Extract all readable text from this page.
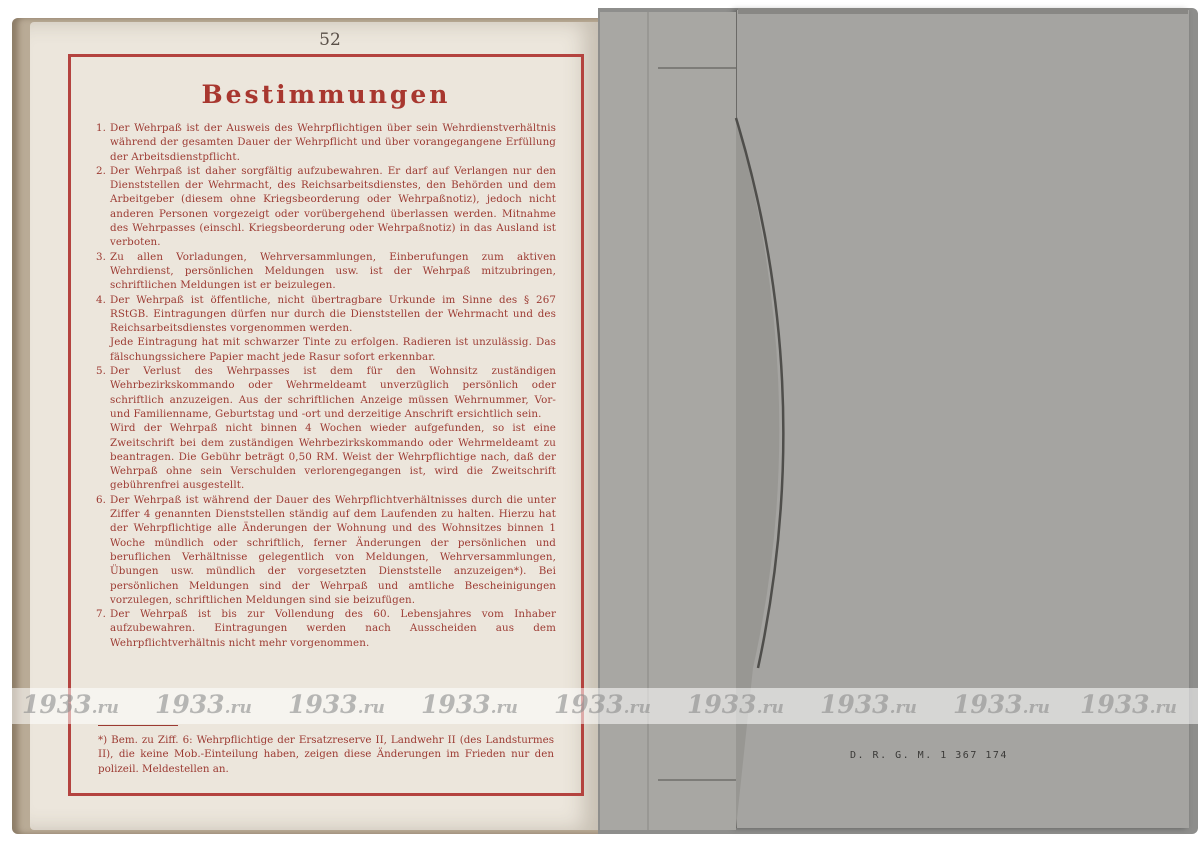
52
Bestimmungen
1. Der Wehrpaß ist der Ausweis des Wehrpflichtigen über sein Wehrdienstverhältnis während der gesamten Dauer der Wehrpflicht und über vorangegangene Erfüllung der Arbeitsdienstpflicht.

2. Der Wehrpaß ist daher sorgfältig aufzubewahren. Er darf auf Verlangen nur den Dienststellen der Wehrmacht, des Reichsarbeitsdienstes, den Behörden und dem Arbeitgeber (diesem ohne Kriegsbeorderung oder Wehrpaßnotiz), jedoch nicht anderen Personen vorgezeigt oder vorübergehend überlassen werden. Mitnahme des Wehrpasses (einschl. Kriegsbeorderung oder Wehrpaßnotiz) in das Ausland ist verboten.

3. Zu allen Vorladungen, Wehrversammlungen, Einberufungen zum aktiven Wehrdienst, persönlichen Meldungen usw. ist der Wehrpaß mitzubringen, schriftlichen Meldungen ist er beizulegen.

4. Der Wehrpaß ist öffentliche, nicht übertragbare Urkunde im Sinne des § 267 RStGB. Eintragungen dürfen nur durch die Dienststellen der Wehrmacht und des Reichsarbeitsdienstes vorgenommen werden.

Jede Eintragung hat mit schwarzer Tinte zu erfolgen. Radieren ist unzulässig. Das fälschungssichere Papier macht jede Rasur sofort erkennbar.

5. Der Verlust des Wehrpasses ist dem für den Wohnsitz zuständigen Wehrbezirkskommando oder Wehrmeldeamt unverzüglich persönlich oder schriftlich anzuzeigen. Aus der schriftlichen Anzeige müssen Wehrnummer, Vor- und Familienname, Geburtstag und -ort und derzeitige Anschrift ersichtlich sein.

Wird der Wehrpaß nicht binnen 4 Wochen wieder aufgefunden, so ist eine Zweitschrift bei dem zuständigen Wehrbezirkskommando oder Wehrmeldeamt zu beantragen. Die Gebühr beträgt 0,50 RM. Weist der Wehrpflichtige nach, daß der Wehrpaß ohne sein Verschulden verlorengegangen ist, wird die Zweitschrift gebührenfrei ausgestellt.

6. Der Wehrpaß ist während der Dauer des Wehrpflichtverhältnisses durch die unter Ziffer 4 genannten Dienststellen ständig auf dem Laufenden zu halten. Hierzu hat der Wehrpflichtige alle Änderungen der Wohnung und des Wohnsitzes binnen 1 Woche mündlich oder schriftlich, ferner Änderungen der persönlichen und beruflichen Verhältnisse gelegentlich von Meldungen, Wehrversammlungen, Übungen usw. mündlich der vorgesetzten Dienststelle anzuzeigen*). Bei persönlichen Meldungen sind der Wehrpaß und amtliche Bescheinigungen vorzulegen, schriftlichen Meldungen sind sie beizufügen.

7. Der Wehrpaß ist bis zur Vollendung des 60. Lebensjahres vom Inhaber aufzubewahren. Eintragungen werden nach Ausscheiden aus dem Wehrpflichtverhältnis nicht mehr vorgenommen.

*) Bem. zu Ziff. 6: Wehrpflichtige der Ersatzreserve II, Landwehr II (des Landsturmes II), die keine Mob.-Einteilung haben, zeigen diese Änderungen im Frieden nur den polizeil. Meldestellen an.
D. R. G. M. 1 367 174
1933.ru 1933.ru 1933.ru 1933.ru 1933.ru 1933.ru 1933.ru 1933.ru 1933.ru
